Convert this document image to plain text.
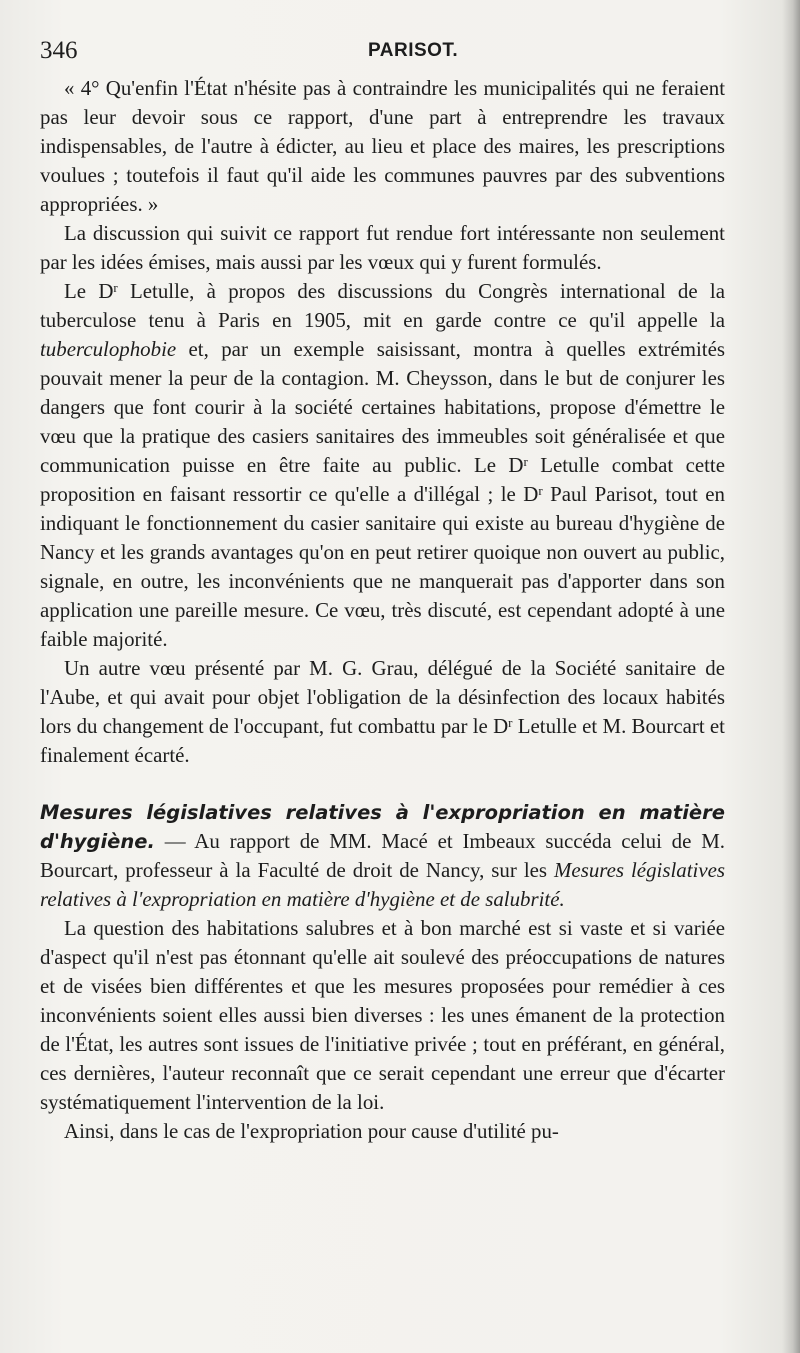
346	PARISOT.

« 4° Qu'enfin l'État n'hésite pas à contraindre les municipalités qui ne feraient pas leur devoir sous ce rapport, d'une part à entreprendre les travaux indispensables, de l'autre à édicter, au lieu et place des maires, les prescriptions voulues ; toutefois il faut qu'il aide les communes pauvres par des subventions appropriées. »

La discussion qui suivit ce rapport fut rendue fort intéressante non seulement par les idées émises, mais aussi par les vœux qui y furent formulés.

Le $D^r$ Letulle, à propos des discussions du Congrès international de la tuberculose tenu à Paris en 1905, mit en garde contre ce qu'il appelle la tuberculophobie et, par un exemple saisissant, montra à quelles extrémités pouvait mener la peur de la contagion. M. Cheysson, dans le but de conjurer les dangers que font courir à la société certaines habitations, propose d'émettre le vœu que la pratique des casiers sanitaires des immeubles soit généralisée et que communication puisse en être faite au public. Le $D^r$ Letulle combat cette proposition en faisant ressortir ce qu'elle a d'illégal ; le $D^r$ Paul Parisot, tout en indiquant le fonctionnement du casier sanitaire qui existe au bureau d'hygiène de Nancy et les grands avantages qu'on en peut retirer quoique non ouvert au public, signale, en outre, les inconvénients que ne manquerait pas d'apporter dans son application une pareille mesure. Ce vœu, très discuté, est cependant adopté à une faible majorité.

Un autre vœu présenté par M. G. Grau, délégué de la Société sanitaire de l'Aube, et qui avait pour objet l'obligation de la désinfection des locaux habités lors du changement de l'occupant, fut combattu par le $D^r$ Letulle et M. Bourcart et finalement écarté.

Mesures législatives relatives à l'expropriation en matière d'hygiène. — Au rapport de MM. Macé et Imbeaux succéda celui de M. Bourcart, professeur à la Faculté de droit de Nancy, sur les Mesures législatives relatives à l'expropriation en matière d'hygiène et de salubrité.

La question des habitations salubres et à bon marché est si vaste et si variée d'aspect qu'il n'est pas étonnant qu'elle ait soulevé des préoccupations de natures et de visées bien différentes et que les mesures proposées pour remédier à ces inconvénients soient elles aussi bien diverses : les unes émanent de la protection de l'État, les autres sont issues de l'initiative privée ; tout en préférant, en général, ces dernières, l'auteur reconnaît que ce serait cependant une erreur que d'écarter systématiquement l'intervention de la loi.

Ainsi, dans le cas de l'expropriation pour cause d'utilité pu-
